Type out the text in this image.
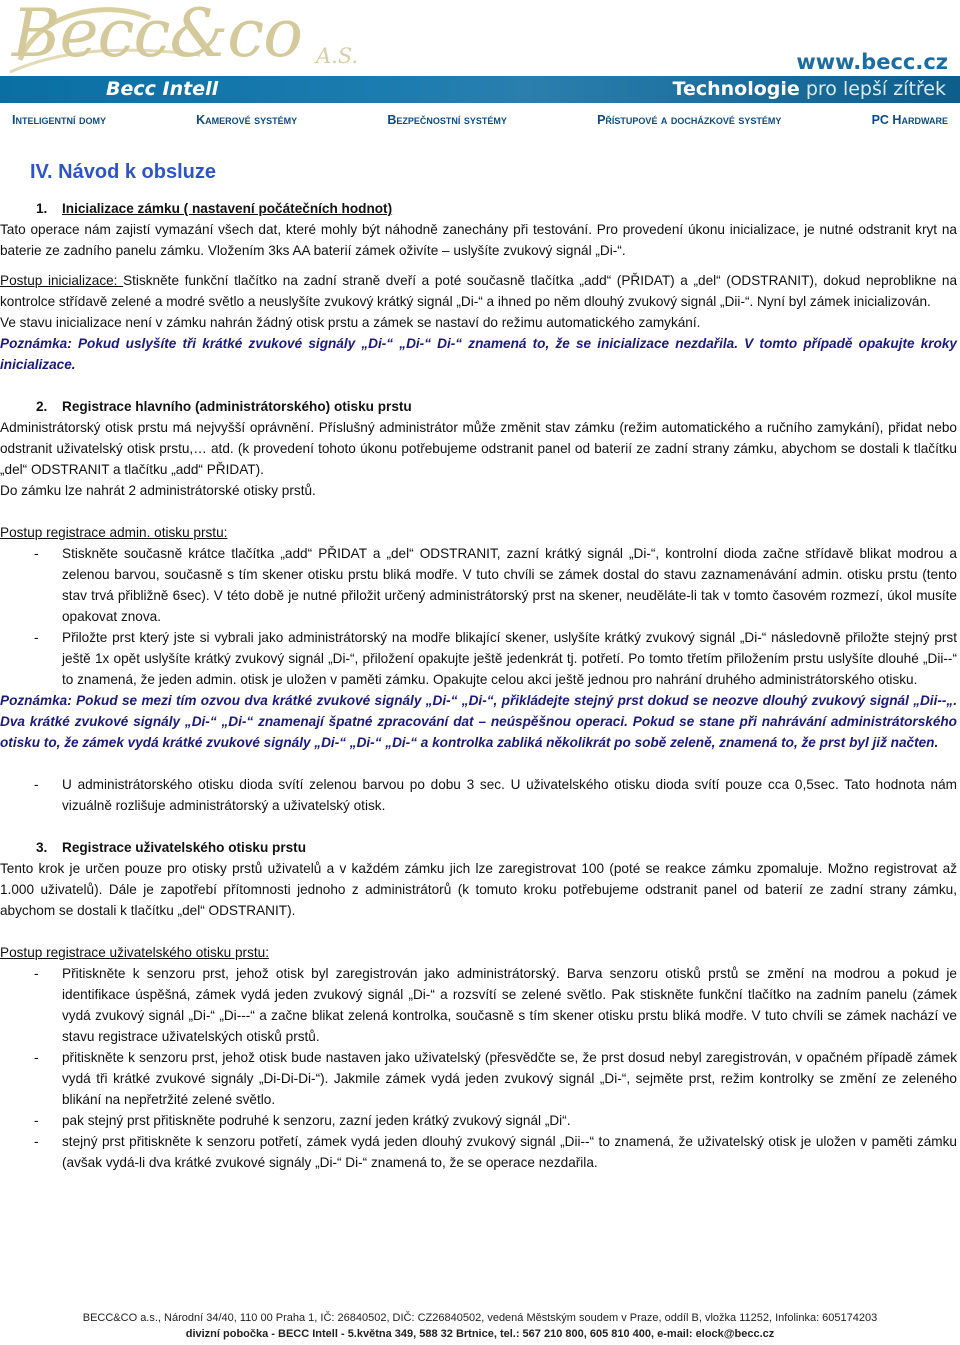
Becc&co A.S.	www.becc.cz
Becc Intell	Technologie pro lepší zítřek
Inteligentní domy	Kamerové systémy	Bezpečnostní systémy	Přístupové a docházkové systémy	PC Hardware
IV. Návod k obsluze
1. Inicializace zámku ( nastavení počátečních hodnot)

Tato operace nám zajistí vymazání všech dat, které mohly být náhodně zanechány při testování. Pro provedení úkonu inicializace, je nutné odstranit kryt na baterie ze zadního panelu zámku. Vložením 3ks AA baterií zámek oživíte – uslyšíte zvukový signál „Di-“.

Postup inicializace: Stiskněte funkční tlačítko na zadní straně dveří a poté současně tlačítka „add“ (PŘIDAT) a „del“ (ODSTRANIT), dokud neproblikne na kontrolce střídavě zelené a modré světlo a neuslyšíte zvukový krátký signál „Di-“ a ihned po něm dlouhý zvukový signál „Dii-“. Nyní byl zámek inicializován.

Ve stavu inicializace není v zámku nahrán žádný otisk prstu a zámek se nastaví do režimu automatického zamykání.

Poznámka: Pokud uslyšíte tři krátké zvukové signály „Di-“ „Di-“ Di-“ znamená to, že se inicializace nezdařila. V tomto případě opakujte kroky inicializace.

2. Registrace hlavního (administrátorského) otisku prstu

Administrátorský otisk prstu má nejvyšší oprávnění. Příslušný administrátor může změnit stav zámku (režim automatického a ručního zamykání), přidat nebo odstranit uživatelský otisk prstu,… atd. (k provedení tohoto úkonu potřebujeme odstranit panel od baterií ze zadní strany zámku, abychom se dostali k tlačítku „del“ ODSTRANIT a tlačítku „add“ PŘIDAT).

Do zámku lze nahrát 2 administrátorské otisky prstů.

Postup registrace admin. otisku prstu:

- Stiskněte současně krátce tlačítka „add“ PŘIDAT a „del“ ODSTRANIT, zazní krátký signál „Di-“, kontrolní dioda začne střídavě blikat modrou a zelenou barvou, současně s tím skener otisku prstu bliká modře. V tuto chvíli se zámek dostal do stavu zaznamenávání admin. otisku prstu (tento stav trvá přibližně 6sec). V této době je nutné přiložit určený administrátorský prst na skener, neuděláte-li tak v tomto časovém rozmezí, úkol musíte opakovat znova.
- Přiložte prst který jste si vybrali jako administrátorský na modře blikající skener, uslyšíte krátký zvukový signál „Di-“ následovně přiložte stejný prst ještě 1x opět uslyšíte krátký zvukový signál „Di-“, přiložení opakujte ještě jedenkrát tj. potřetí. Po tomto třetím přiložením prstu uslyšíte dlouhé „Dii--“ to znamená, že jeden admin. otisk je uložen v paměti zámku. Opakujte celou akci ještě jednou pro nahrání druhého administrátorského otisku.

Poznámka: Pokud se mezi tím ozvou dva krátké zvukové signály „Di-“ „Di-“, přikládejte stejný prst dokud se neozve dlouhý zvukový signál „Dii--„. Dva krátké zvukové signály „Di-“ „Di-“ znamenají špatné zpracování dat – neúspěšnou operaci. Pokud se stane při nahrávání administrátorského otisku to, že zámek vydá krátké zvukové signály „Di-“ „Di-“ „Di-“ a kontrolka zabliká několikrát po sobě zeleně, znamená to, že prst byl již načten.

- U administrátorského otisku dioda svítí zelenou barvou po dobu 3 sec. U uživatelského otisku dioda svítí pouze cca 0,5sec. Tato hodnota nám vizuálně rozlišuje administrátorský a uživatelský otisk.
3. Registrace uživatelského otisku prstu

Tento krok je určen pouze pro otisky prstů uživatelů a v každém zámku jich lze zaregistrovat 100 (poté se reakce zámku zpomaluje. Možno registrovat až 1.000 uživatelů). Dále je zapotřebí přítomnosti jednoho z administrátorů (k tomuto kroku potřebujeme odstranit panel od baterií ze zadní strany zámku, abychom se dostali k tlačítku „del“ ODSTRANIT).

Postup registrace uživatelského otisku prstu:

- Přitiskněte k senzoru prst, jehož otisk byl zaregistrován jako administrátorský. Barva senzoru otisků prstů se změní na modrou a pokud je identifikace úspěšná, zámek vydá jeden zvukový signál „Di-“ a rozsvítí se zelené světlo. Pak stiskněte funkční tlačítko na zadním panelu (zámek vydá zvukový signál „Di-“ „Di---“ a začne blikat zelená kontrolka, současně s tím skener otisku prstu bliká modře. V tuto chvíli se zámek nachází ve stavu registrace uživatelských otisků prstů.
- přitiskněte k senzoru prst, jehož otisk bude nastaven jako uživatelský (přesvědčte se, že prst dosud nebyl zaregistrován, v opačném případě zámek vydá tři krátké zvukové signály „Di-Di-Di-“). Jakmile zámek vydá jeden zvukový signál „Di-“, sejměte prst, režim kontrolky se změní ze zeleného blikání na nepřetržité zelené světlo.
- pak stejný prst přitiskněte podruhé k senzoru, zazní jeden krátký zvukový signál „Di“.
- stejný prst přitiskněte k senzoru potřetí, zámek vydá jeden dlouhý zvukový signál „Dii--“ to znamená, že uživatelský otisk je uložen v paměti zámku (avšak vydá-li dva krátké zvukové signály „Di-“ Di-“ znamená to, že se operace nezdařila.
BECC&CO a.s., Národní 34/40, 110 00 Praha 1, IČ: 26840502, DIČ: CZ26840502, vedená Městským soudem v Praze, oddíl B, vložka 11252, Infolinka: 605174203
divizní pobočka - BECC Intell - 5.května 349, 588 32 Brtnice, tel.: 567 210 800, 605 810 400, e-mail: elock@becc.cz
